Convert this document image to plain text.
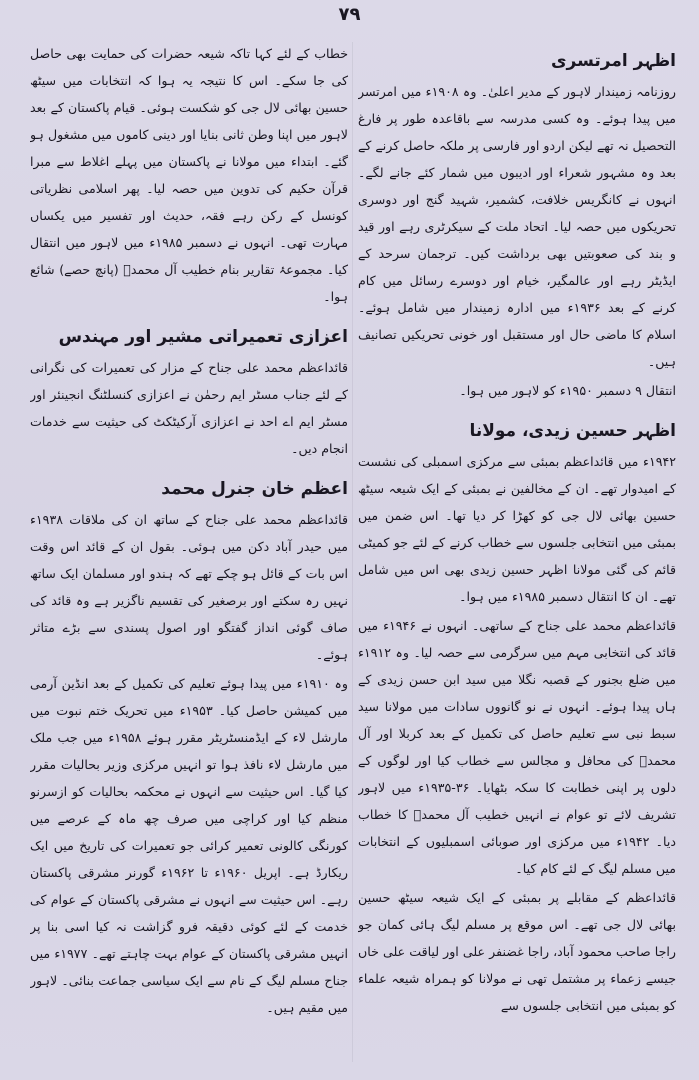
۷۹
اظہر امرتسری

روزنامہ زمیندار لاہور کے مدیر اعلیٰ۔ وہ ۱۹۰۸ء میں امرتسر میں پیدا ہوئے۔ وہ کسی مدرسہ سے باقاعدہ طور پر فارغ التحصیل نہ تھے لیکن اردو اور فارسی پر ملکہ حاصل کرنے کے بعد وہ مشہور شعراء اور ادیبوں میں شمار کئے جانے لگے۔ انہوں نے کانگریس خلافت، کشمیر، شہید گنج اور دوسری تحریکوں میں حصہ لیا۔ اتحاد ملت کے سیکرٹری رہے اور قید و بند کی صعوبتیں بھی برداشت کیں۔ ترجمان سرحد کے ایڈیٹر رہے اور عالمگیر، خیام اور دوسرے رسائل میں کام کرنے کے بعد ۱۹۳۶ء میں ادارہ زمیندار میں شامل ہوئے۔ اسلام کا ماضی حال اور مستقبل اور خونی تحریکیں تصانیف ہیں۔

انتقال ۹ دسمبر ۱۹۵۰ء کو لاہور میں ہوا۔

اظہر حسین زیدی، مولانا

۱۹۴۲ء میں قائداعظم بمبئی سے مرکزی اسمبلی کی نشست کے امیدوار تھے۔ ان کے مخالفین نے بمبئی کے ایک شیعہ سیٹھ حسین بھائی لال جی کو کھڑا کر دیا تھا۔ اس ضمن میں بمبئی میں انتخابی جلسوں سے خطاب کرنے کے لئے جو کمیٹی قائم کی گئی مولانا اظہر حسین زیدی بھی اس میں شامل تھے۔ ان کا انتقال دسمبر ۱۹۸۵ء میں ہوا۔

قائداعظم محمد علی جناح کے ساتھی۔ انہوں نے ۱۹۴۶ء میں قائد کی انتخابی مہم میں سرگرمی سے حصہ لیا۔ وہ ۱۹۱۲ء میں ضلع بجنور کے قصبہ نگلا میں سید ابن حسن زیدی کے ہاں پیدا ہوئے۔ انہوں نے نو گانووں سادات میں مولانا سید سبط نبی سے تعلیم حاصل کی تکمیل کے بعد کربلا اور آل محمدؐ کی محافل و مجالس سے خطاب کیا اور لوگوں کے دلوں پر اپنی خطابت کا سکہ بٹھایا۔ ۳۶-۱۹۳۵ء میں لاہور تشریف لائے تو عوام نے انہیں خطیب آل محمدؐ کا خطاب دیا۔ ۱۹۴۲ء میں مرکزی اور صوبائی اسمبلیوں کے انتخابات میں مسلم لیگ کے لئے کام کیا۔

قائداعظم کے مقابلے پر بمبئی کے ایک شیعہ سیٹھ حسین بھائی لال جی تھے۔ اس موقع پر مسلم لیگ ہائی کمان جو راجا صاحب محمود آباد، راجا غضنفر علی اور لیاقت علی خاں جیسے زعماء پر مشتمل تھی نے مولانا کو ہمراہ شیعہ علماء کو بمبئی میں انتخابی جلسوں سے

خطاب کے لئے کہا تاکہ شیعہ حضرات کی حمایت بھی حاصل کی جا سکے۔ اس کا نتیجہ یہ ہوا کہ انتخابات میں سیٹھ حسین بھائی لال جی کو شکست ہوئی۔ قیام پاکستان کے بعد لاہور میں اپنا وطن ثانی بنایا اور دینی کاموں میں مشغول ہو گئے۔ ابتداء میں مولانا نے پاکستان میں پہلے اغلاط سے مبرا قرآن حکیم کی تدوین میں حصہ لیا۔ پھر اسلامی نظریاتی کونسل کے رکن رہے فقہ، حدیث اور تفسیر میں یکساں مہارت تھی۔ انہوں نے دسمبر ۱۹۸۵ء میں لاہور میں انتقال کیا۔ مجموعۂ تقاریر بنام خطیب آل محمدؐ (پانچ حصے) شائع ہوا۔

اعزازی تعمیراتی مشیر اور مہندس

قائداعظم محمد علی جناح کے مزار کی تعمیرات کی نگرانی کے لئے جناب مسٹر ایم رحمٰن نے اعزازی کنسلٹنگ انجینئر اور مسٹر ایم اے احد نے اعزازی آرکیٹکٹ کی حیثیت سے خدمات انجام دیں۔

اعظم خان جنرل محمد

قائداعظم محمد علی جناح کے ساتھ ان کی ملاقات ۱۹۳۸ء میں حیدر آباد دکن میں ہوئی۔ بقول ان کے قائد اس وقت اس بات کے قائل ہو چکے تھے کہ ہندو اور مسلمان ایک ساتھ نہیں رہ سکتے اور برصغیر کی تقسیم ناگزیر ہے وہ قائد کی صاف گوئی انداز گفتگو اور اصول پسندی سے بڑے متاثر ہوئے۔

وہ ۱۹۱۰ء میں پیدا ہوئے تعلیم کی تکمیل کے بعد انڈین آرمی میں کمیشن حاصل کیا۔ ۱۹۵۳ء میں تحریک ختم نبوت میں مارشل لاء کے ایڈمنسٹریٹر مقرر ہوئے ۱۹۵۸ء میں جب ملک میں مارشل لاء نافذ ہوا تو انہیں مرکزی وزیر بحالیات مقرر کیا گیا۔ اس حیثیت سے انہوں نے محکمہ بحالیات کو ازسرنو منظم کیا اور کراچی میں صرف چھ ماہ کے عرصے میں کورنگی کالونی تعمیر کرائی جو تعمیرات کی تاریخ میں ایک ریکارڈ ہے۔ اپریل ۱۹۶۰ء تا ۱۹۶۲ء گورنر مشرقی پاکستان رہے۔ اس حیثیت سے انہوں نے مشرقی پاکستان کے عوام کی خدمت کے لئے کوئی دقیقہ فرو گزاشت نہ کیا اسی بنا پر انہیں مشرقی پاکستان کے عوام بہت چاہتے تھے۔ ۱۹۷۷ء میں جناح مسلم لیگ کے نام سے ایک سیاسی جماعت بنائی۔ لاہور میں مقیم ہیں۔
